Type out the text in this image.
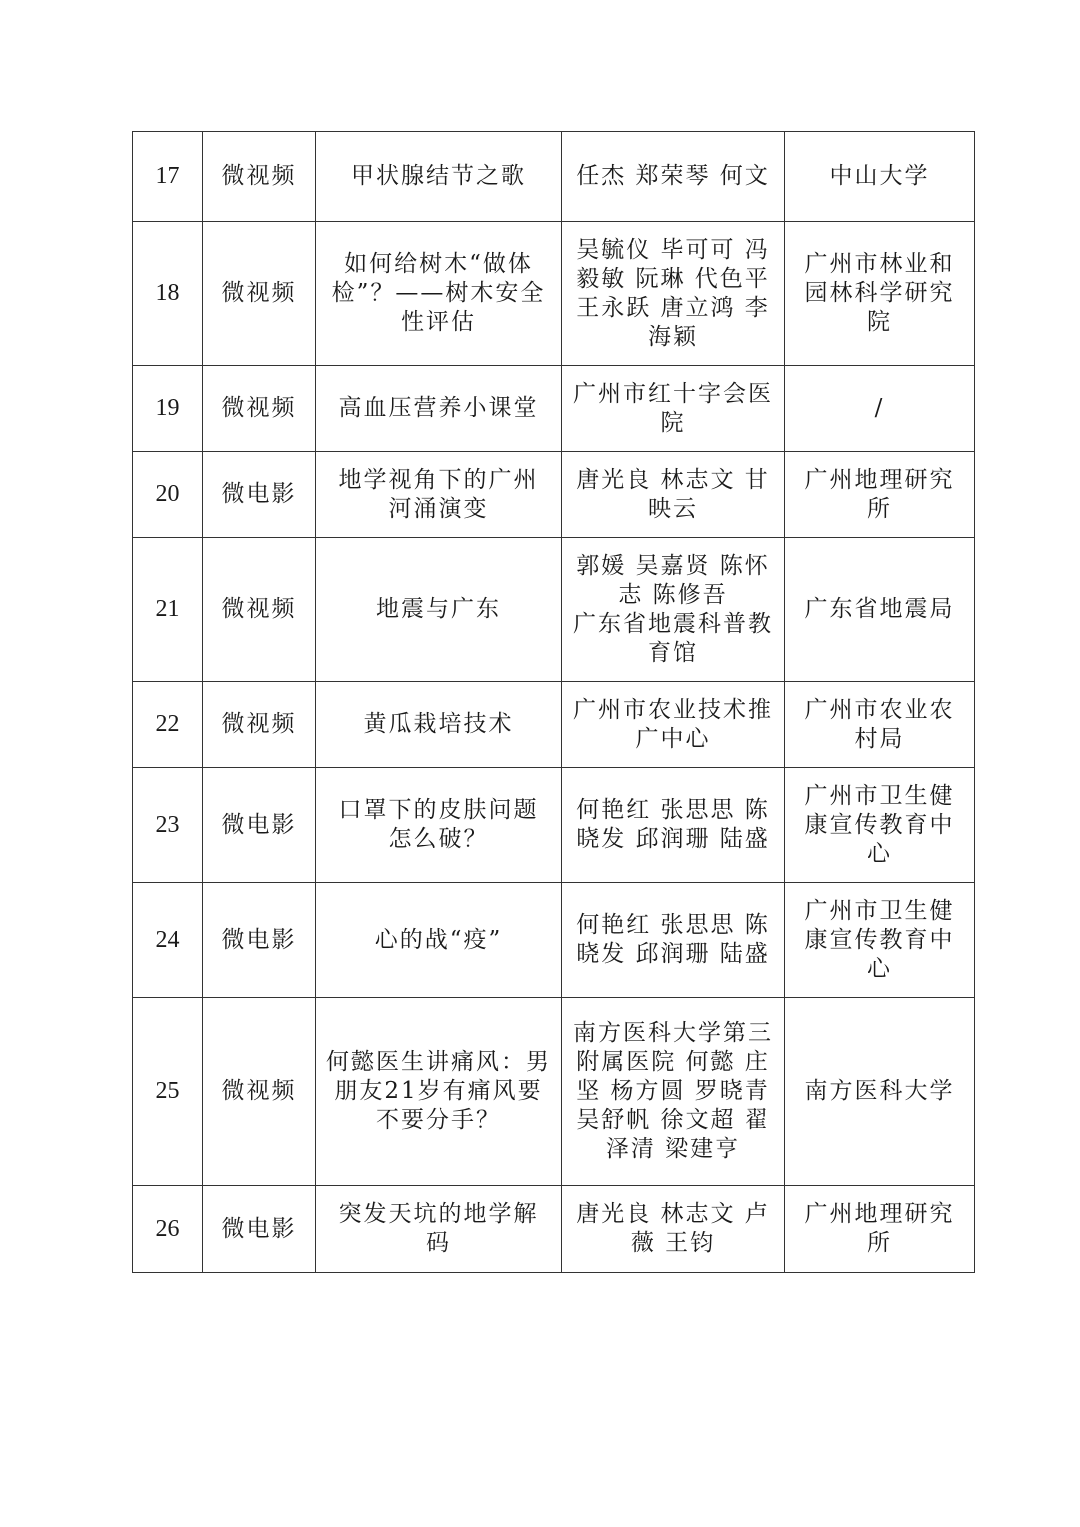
17	微视频	甲状腺结节之歌	任杰 郑荣琴 何文	中山大学

18	微视频	如何给树木“做体
检”？——树木安全
性评估	吴毓仪 毕可可 冯
毅敏 阮琳 代色平
王永跃 唐立鸿 李
海颖	广州市林业和
园林科学研究
院

19	微视频	高血压营养小课堂	广州市红十字会医
院	/

20	微电影	地学视角下的广州
河涌演变	唐光良 林志文 甘
映云	广州地理研究
所

21	微视频	地震与广东	郭媛 吴嘉贤 陈怀
志 陈修吾
广东省地震科普教
育馆	广东省地震局

22	微视频	黄瓜栽培技术	广州市农业技术推
广中心	广州市农业农
村局

23	微电影	口罩下的皮肤问题
怎么破？	何艳红 张思思 陈
晓发 邱润珊 陆盛	广州市卫生健
康宣传教育中
心

24	微电影	心的战“疫”	何艳红 张思思 陈
晓发 邱润珊 陆盛	广州市卫生健
康宣传教育中
心

25	微视频	何懿医生讲痛风：男
朋友21岁有痛风要
不要分手？	南方医科大学第三
附属医院 何懿 庄
坚 杨方圆 罗晓青
吴舒帆 徐文超 翟
泽清 梁建亨	南方医科大学

26	微电影	突发天坑的地学解
码	唐光良 林志文 卢
薇 王钧	广州地理研究
所
